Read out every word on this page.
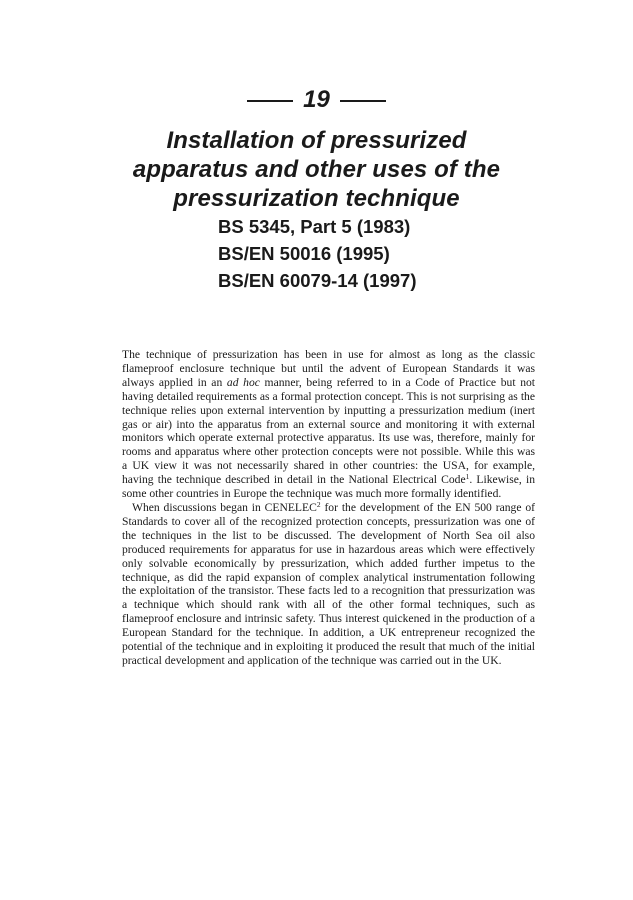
19
Installation of pressurized
apparatus and other uses of the
pressurization technique
BS 5345, Part 5 (1983)
BS/EN 50016 (1995)
BS/EN 60079-14 (1997)

The technique of pressurization has been in use for almost as long as the classic flameproof enclosure technique but until the advent of European Standards it was always applied in an ad hoc manner, being referred to in a Code of Practice but not having detailed requirements as a formal protection concept. This is not surprising as the technique relies upon external intervention by inputting a pressurization medium (inert gas or air) into the apparatus from an external source and monitoring it with external monitors which operate external protective apparatus. Its use was, therefore, mainly for rooms and apparatus where other protection concepts were not possible. While this was a UK view it was not necessarily shared in other countries: the USA, for example, having the technique described in detail in the National Electrical Code$^1$. Likewise, in some other countries in Europe the technique was much more formally identified.

When discussions began in CENELEC$^2$ for the development of the EN 500 range of Standards to cover all of the recognized protection concepts, pressurization was one of the techniques in the list to be discussed. The development of North Sea oil also produced requirements for apparatus for use in hazardous areas which were effectively only solvable economically by pressurization, which added further impetus to the technique, as did the rapid expansion of complex analytical instrumentation following the exploitation of the transistor. These facts led to a recognition that pressurization was a technique which should rank with all of the other formal techniques, such as flameproof enclosure and intrinsic safety. Thus interest quickened in the production of a European Standard for the technique. In addition, a UK entrepreneur recognized the potential of the technique and in exploiting it produced the result that much of the initial practical development and application of the technique was carried out in the UK.
